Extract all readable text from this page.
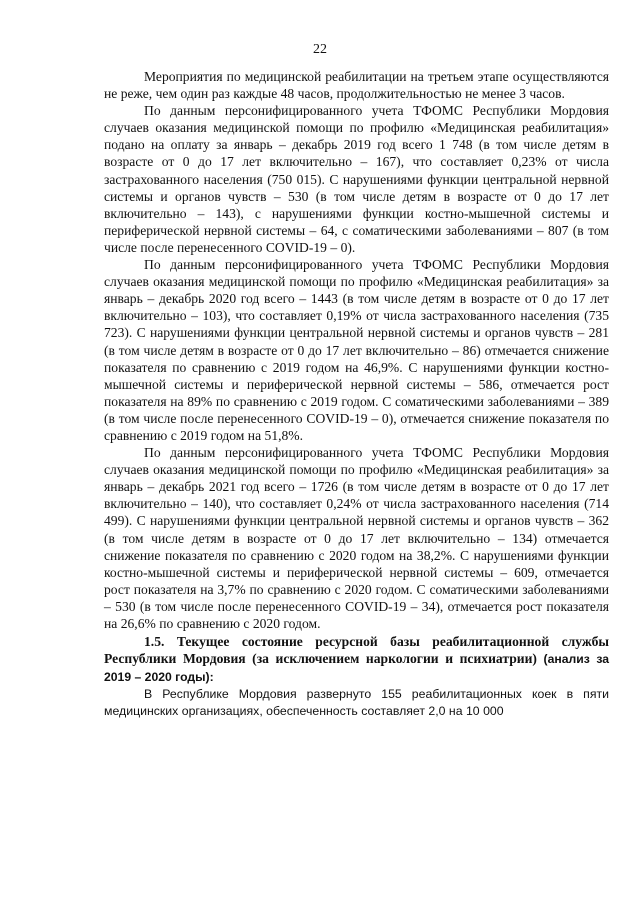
22

Мероприятия по медицинской реабилитации на третьем этапе осуществляются не реже, чем один раз каждые 48 часов, продолжительностью не менее 3 часов.

По данным персонифицированного учета ТФОМС Республики Мордовия случаев оказания медицинской помощи по профилю «Медицинская реабилитация» подано на оплату за январь – декабрь 2019 год всего 1 748 (в том числе детям в возрасте от 0 до 17 лет включительно – 167), что составляет 0,23% от числа застрахованного населения (750 015). С нарушениями функции центральной нервной системы и органов чувств – 530 (в том числе детям в возрасте от 0 до 17 лет включительно – 143), с нарушениями функции костно-мышечной системы и периферической нервной системы – 64, с соматическими заболеваниями – 807 (в том числе после перенесенного COVID-19 – 0).

По данным персонифицированного учета ТФОМС Республики Мордовия случаев оказания медицинской помощи по профилю «Медицинская реабилитация» за январь – декабрь 2020 год всего – 1443 (в том числе детям в возрасте от 0 до 17 лет включительно – 103), что составляет 0,19% от числа застрахованного населения (735 723). С нарушениями функции центральной нервной системы и органов чувств – 281 (в том числе детям в возрасте от 0 до 17 лет включительно – 86) отмечается снижение показателя по сравнению с 2019 годом на 46,9%. С нарушениями функции костно-мышечной системы и периферической нервной системы – 586, отмечается рост показателя на 89% по сравнению с 2019 годом. С соматическими заболеваниями – 389 (в том числе после перенесенного COVID-19 – 0), отмечается снижение показателя по сравнению с 2019 годом на 51,8%.

По данным персонифицированного учета ТФОМС Республики Мордовия случаев оказания медицинской помощи по профилю «Медицинская реабилитация» за январь – декабрь 2021 год всего – 1726 (в том числе детям в возрасте от 0 до 17 лет включительно – 140), что составляет 0,24% от числа застрахованного населения (714 499). С нарушениями функции центральной нервной системы и органов чувств – 362 (в том числе детям в возрасте от 0 до 17 лет включительно – 134) отмечается снижение показателя по сравнению с 2020 годом на 38,2%. С нарушениями функции костно-мышечной системы и периферической нервной системы – 609, отмечается рост показателя на 3,7% по сравнению с 2020 годом. С соматическими заболеваниями – 530 (в том числе после перенесенного COVID-19 – 34), отмечается рост показателя на 26,6% по сравнению с 2020 годом.

1.5. Текущее состояние ресурсной базы реабилитационной службы Республики Мордовия (за исключением наркологии и психиатрии) (анализ за 2019 – 2020 годы):

В Республике Мордовия развернуто 155 реабилитационных коек в пяти медицинских организациях, обеспеченность составляет 2,0 на 10 000
